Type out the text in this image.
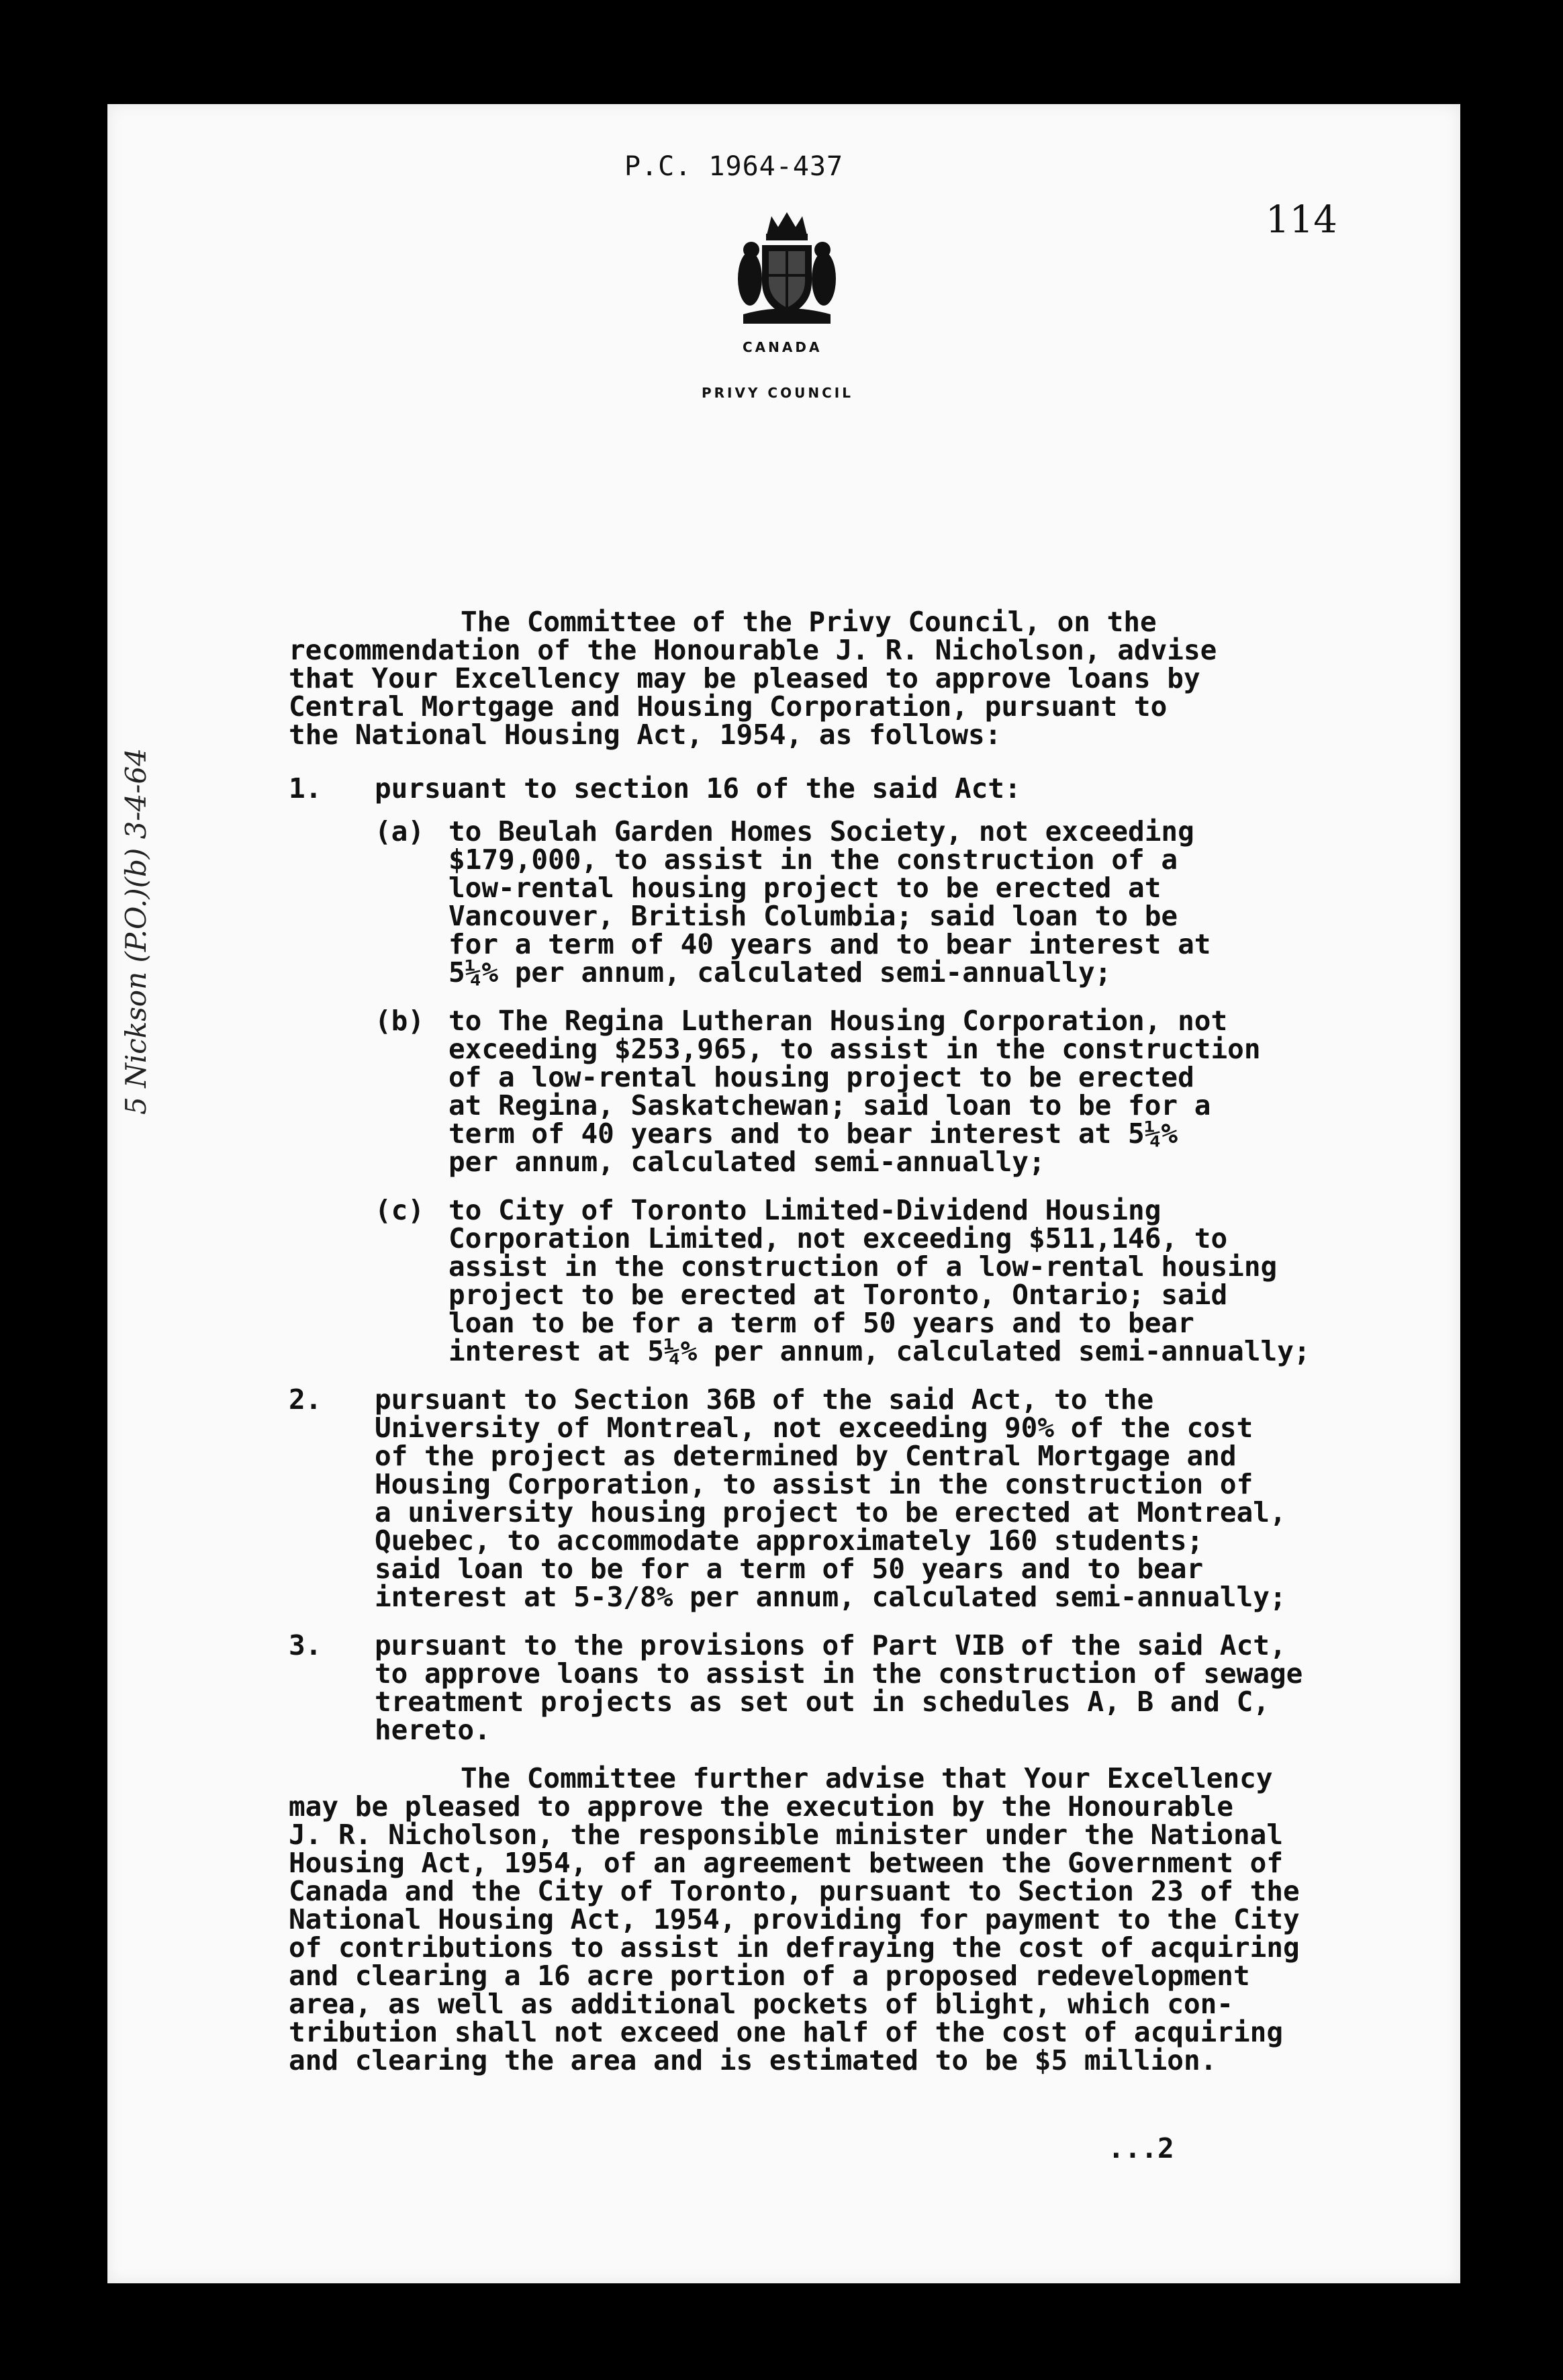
P.C. 1964-437
114
CANADA
PRIVY COUNCIL
5 Nickson (P.O.)(b) 3-4-64

The Committee of the Privy Council, on the
recommendation of the Honourable J. R. Nicholson, advise
that Your Excellency may be pleased to approve loans by
Central Mortgage and Housing Corporation, pursuant to
the National Housing Act, 1954, as follows:

1. pursuant to section 16 of the said Act:
(a) to Beulah Garden Homes Society, not exceeding
$179,000, to assist in the construction of a
low-rental housing project to be erected at
Vancouver, British Columbia; said loan to be
for a term of 40 years and to bear interest at
5¼% per annum, calculated semi-annually;
(b) to The Regina Lutheran Housing Corporation, not
exceeding $253,965, to assist in the construction
of a low-rental housing project to be erected
at Regina, Saskatchewan; said loan to be for a
term of 40 years and to bear interest at 5¼%
per annum, calculated semi-annually;
(c) to City of Toronto Limited-Dividend Housing
Corporation Limited, not exceeding $511,146, to
assist in the construction of a low-rental housing
project to be erected at Toronto, Ontario; said
loan to be for a term of 50 years and to bear
interest at 5¼% per annum, calculated semi-annually;
2. pursuant to Section 36B of the said Act, to the
University of Montreal, not exceeding 90% of the cost
of the project as determined by Central Mortgage and
Housing Corporation, to assist in the construction of
a university housing project to be erected at Montreal,
Quebec, to accommodate approximately 160 students;
said loan to be for a term of 50 years and to bear
interest at 5-3/8% per annum, calculated semi-annually;
3. pursuant to the provisions of Part VIB of the said Act,
to approve loans to assist in the construction of sewage
treatment projects as set out in schedules A, B and C,
hereto.

The Committee further advise that Your Excellency
may be pleased to approve the execution by the Honourable
J. R. Nicholson, the responsible minister under the National
Housing Act, 1954, of an agreement between the Government of
Canada and the City of Toronto, pursuant to Section 23 of the
National Housing Act, 1954, providing for payment to the City
of contributions to assist in defraying the cost of acquiring
and clearing a 16 acre portion of a proposed redevelopment
area, as well as additional pockets of blight, which con-
tribution shall not exceed one half of the cost of acquiring
and clearing the area and is estimated to be $5 million.

...2
